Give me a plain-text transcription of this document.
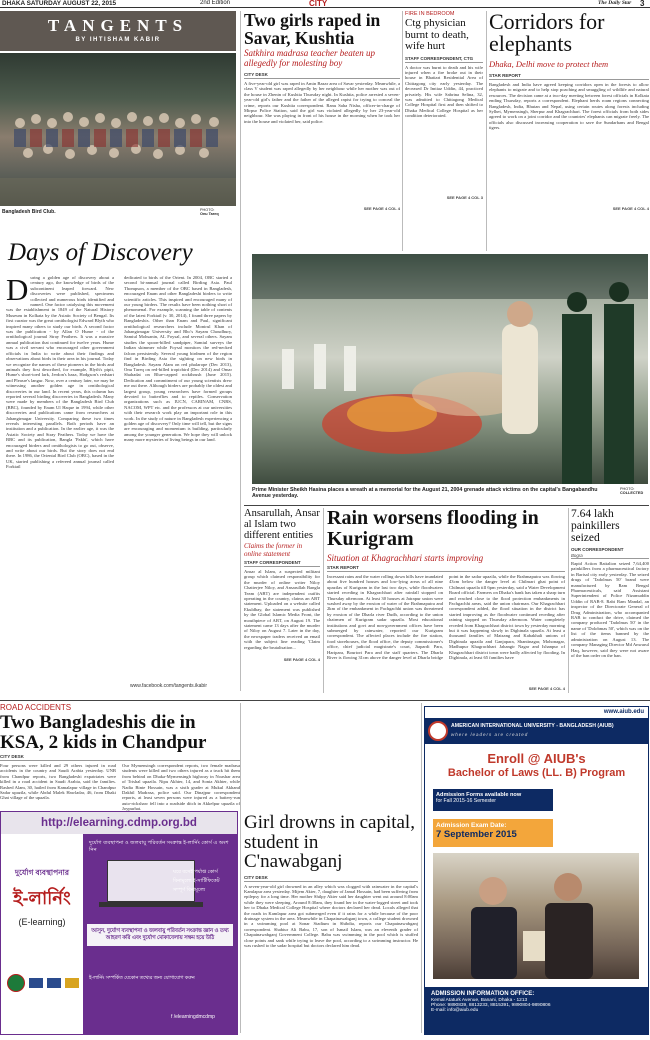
DHAKA SATURDAY AUGUST 22, 2015	2nd Edition	CITY	The Daily Star 3
TANGENTS
BY IHTISHAM KABIR
Bangladesh Bird Club.	PHOTO:
Onu Tareq
Days of Discovery
D uring a golden age of discovery about a century ago, the knowledge of birds of the subcontinent leaped forward. New discoveries were published, specimens collected and numerous birds identified and named. One factor catalysing this movement was the establishment in 1849 of the Natural History Museum in Kolkata by the Asiatic Society of Bengal. Its first curator was the great ornithologist Edward Blyth who inspired many others to study our birds. A second factor was the publication - by Allan O Hume - of the ornithological journal Stray Feathers. It was a massive annual publication that continued for twelve years. Hume was a civil servant who encouraged other government officials in India to write about their findings and observations about birds in their area in his journal. Today we recognize the names of these pioneers in the birds and animals they first described, for example, Blyth's pipit, Hume's short-toed lark, Jerdon's baza, Hodgson's redstart and Pleasre's langur. Now, over a century later, we may be witnessing another golden age in ornithological discoveries in our land. In recent years, this column has reported several birding discoveries in Bangladesh. Many were made by members of the Bangladesh Bird Club (BBC), founded by Enam Ul Haque in 1994, while other discoveries and publications came from researchers at Jahangirnagar University. Comparing these two times reveals interesting parallels. Both periods have an institution and a publication. In the earlier age, it was the Asiatic Society and Stray Feathers. Today we have the BBC and its publication, Bangla 'Pakhi', which have encouraged birders and ornithologists to go out, observe, and write about our birds. But the story does not end there. In 1986, the Oriental Bird Club (OBC), based in the UK, started publishing a refereed annual journal called Forktail
dedicated to birds of the Orient. In 2004, OBC started a second bi-annual journal called Birding Asia. Paul Thompson, a member of the OBC based in Bangladesh, encouraged Enam and other Bangladeshi birders to write scientific articles. This inspired and encouraged many of our young birders. The results have been nothing short of phenomenal. For example, scanning the table of contents of the latest Forktail (v. 30, 2014), I found three papers by Bangladeshis. Other than Enam and Paul, significant ornithological researchers include Monirul Khan of Jahangirnagar University and Bhc's Sayam Choudhury, Samiul Mohsanin, AL Foysal, and several others. Sayam studies the spoon-billed sandpiper, Samiul surveys the Indian skimmer while Foysal monitors the red-necked falcon persistently. Several young birdmen of the region find in Birding Asia the sighting on new birds in Bangladesh. Sayam Alam on red phalarope (Dec 2013), Onu Tareq on red-billed tropicbird (Dec 2014) and Omar Shahadat on Blue-capped rockthrush (June 2015). Dedication and commitment of our young scientists drew me out there. Although birders are probably the oldest and largest group, young researchers have formed groups devoted to butterflies and to reptiles. Conservation organizations such as IUCN, CARINAM, CNRS, NACOM, WPT etc. and the professors at our universities with their research work play an important role in this work. In the study of nature in Bangladesh experiencing a golden age of discovery? Only time will tell, but the signs are encouraging and momentum is building, particularly among the younger generation. We hope they will unlock many more mysteries of living beings in our land.
www.facebook.com/tangents.ikabir
Two girls raped in Savar, Kushtia
Satkhira madrasa teacher beaten up allegedly for molesting boy
CITY DESK
A five-year-old girl was raped in Amin Bazar area of Savar yesterday. Meanwhile, a class V student was raped allegedly by her neighbour while her mother was out of the house in Zhenin of Kushtia Thursday night. In Kushtia, police arrested a seven-year-old girl's father and the father of the alleged rapist for trying to conceal the crime, reports our Kushtia correspondent. Ranu Saha Nisha, officer-in-charge of Mirpur Police Station, said the girl was violated allegedly by her 23-year-old neighbour. She was playing in front of his house in the morning when he took her into the house and violated her, said police.
SEE PAGE 4 COL 4
FIRE IN BEDROOM
Ctg physician burnt to death, wife hurt
STAFF CORRESPONDENT, CTG
A doctor was burnt to death and his wife injured when a fire broke out in their house in Bhatiari Residential Area of Chittagong city early yesterday. The deceased Dr Imtiaz Uddin, 44, practiced privately. His wife Sabrina Selina, 32, was admitted to Chittagong Medical College Hospital first and then shifted to Dhaka Medical College Hospital as her condition deteriorated.
SEE PAGE 4 COL 3
Corridors for elephants
Dhaka, Delhi move to protect them
STAR REPORT
Bangladesh and India have agreed keeping corridors open in the forests to allow elephants to migrate and to help stop poaching and smuggling of wildlife and natural resources. The decision came at a two-day meeting between forest officials in Kolkata ending Thursday, reports a correspondent. Elephant herds roam regions connecting Bangladesh, India, Bhutan and Nepal, using certain routes along forests including Sylhet, Mymensingh, Sherpur and Khagrachhari. The forest officials from both sides agreed to work on a joint corridor and the countries' elephants can migrate freely. The officials also discussed increasing cooperation to save the Sundarbans and Bengal tigers.
SEE PAGE 4 COL 4
Prime Minister Sheikh Hasina places a wreath at a memorial for the August 21, 2004 grenade attack victims on the capital's Bangabandhu Avenue yesterday.
PHOTO:
COLLECTED
Ansarullah, Ansar al Islam two different entities
Claims the former in online statement
STAFF CORRESPONDENT
Ansar al Islam, a suspected militant group which claimed responsibility for the murder of online writer Niloy Chatterjee Niloy, and Ansarullah Bangla Team (ABT) are independent outfits operating in the country, claims an ABT statement. Uploaded on a website called Ekuldbay, the statement was published by the Global Islamic Media Front, the mouthpiece of ABT, on August 19. The statement came 13 days after the murder of Niloy on August 7. Later in the day, the newspaper traders received an email with the subject line reading 'Claim regarding the brutalisation...
SEE PAGE 4 COL 4
Rain worsens flooding in Kurigram
Situation at Khagrachhari starts improving
STAR REPORT
Incessant rains and the water rolling down hills have inundated about five hundred houses and low-lying areas of all nine upazilas of Kurigram in the last two days, while floodwaters started receding in Khagrachhari after rainfall stopped on Thursday afternoon. At least 30 houses at Jatrapur union were washed away by the erosion of water of the Brahmaputra and 2km of the embankment in Pachgachhi union was threatened by erosion of the Dharla river Dudh, according to the union chairmen of Kurigram sadar upazila. Most educational institutions and govt and non-government offices have been submerged by rainwater, reported our Kurigram correspondent. The affected places include the fire station, food storehouses, the flood office, the deputy commissioner's office, chief judicial magistrate's court, Jiapardi Para, Haripara, Bourtori Para and the staff quarters. The Dharla River is flowing 31cm above the danger level at Dharla bridge point in the sadar upazila, while the Brahmaputra was flowing 43cm below the danger level at Chilmari ghat point of Chilmari upazila till 6pm yesterday, said a Water Development Board official. Farmers on Dhaka's bank has taken a sharp turn and reached close to the flood protection embankments in Pachgachhi areas, said the union chairman. Our Khagrachhari correspondent added, the flood situation in the district has started improving as the floodwater continued receding after raining stopped on Thursday afternoon. Water completely receded from Khagrachhari district town by yesterday morning but it was happening slowly in Dighinala upazila. At least a thousand families of Maizang and Kabakhali unions of Dighinala upazila and Ganjapara, Shantinagar, Mohonagar, Madhupur Khagrachhari Jahangir Nagar and Ishanpur of Khagrachhari district town were badly affected by flooding. In Dighinala, at least 65 families have
SEE PAGE 4 COL 4
7.64 lakh painkillers seized
OUR CORRESPONDENT
Bogra
Rapid Action Battalion seized 7,64,400 painkillers from a pharmaceutical factory in Barisal city early yesterday. The seized drugs of 'Tadolmas 50' brand were manufactured by Ram Bengal Pharmaceuticals, said Assistant Superintendent of Police Nizamuddin Uddin of RAB-8. Rabi Ram Mandal, an inspector of the Directorate General of Drug Administration, who accompanied RAB to conduct the drive, claimed the company produced 'Tadolmas 50' in the name of 'Dolobmas 50', which was on the list of the items banned by the administration on August 13. The company Managing Director Md Anwarul Haq, however, said they were not aware of the ban order on the ban.
ROAD ACCIDENTS
Two Bangladeshis die in KSA, 2 kids in Chandpur
CITY DESK
Four persons were killed and 29 others injured in road accidents in the country and Saudi Arabia yesterday. UNB from Chandpur reports, two Bangladeshi expatriates were killed in a road accident in Saudi Arabia, said the families. Rashed Alam, 30, hailed from Kamalapur village in Chandpur Sadar upazila, while Abdul Malek Hawladar, 46, from Dhaki Ghat village of the upazila.
Our Mymensingh correspondent reports, two female madrasa students were killed and two others injured as a truck hit them from behind on Dhaka-Mymensingh highway in Noashar area of Trishal upazila. Nipu Akhter, 14, and Sonia Akhter, while Nadia Binte Hossain, was a sixth grader at Mukul Akhand Dakhil Madrasa, police said. Our Dinajpur correspondent reports, at least seven persons were injured as a battery-run auto-rickshaw fell into a roadside ditch in Akkelpur upazila of Joypurhat.
http://elearning.cdmp.org.bd
দুর্যোগ ব্যবস্থাপনার
ই-লার্নিং
(E-learning)
দুর্যোগ ব্যবস্থাপনা ও জলবায়ু পরিবর্তন সংক্রান্ত ই-লার্নিং কোর্স এ অংশ নিন
ঘরে বসেই পর্যাপ্ত কোর্স
বিনামূল্যে ই-সার্টিফিকেট
সম্পূর্ণ বিনামূল্যে
আসুন, দুর্যোগ ব্যবস্থাপনা ও জলবায়ু পরিবর্তন সংক্রান্ত জ্ঞান ও তথ্য আহরণ করি এবং দুর্যোগ মোকাবেলায় সক্ষম হয়ে উঠি
ই-লার্নিং সম্পর্কিত যেকোন তথ্যের জন্য যোগাযোগ করুন
f /elearningdmcdmp
Girl drowns in capital, student in C'nawabganj
CITY DESK
A seven-year-old girl drowned in an alley which was clogged with rainwater in the capital's Kamlapur area yesterday. Mijem Akter, 7, daughter of Jamal Hossain, had been suffering from epilepsy for a long time. Her mother Shilpy Akter said her daughter went out around 8:00am while they were sleeping. Around 8:30am, they found her in the water-logged street and took her to Dhaka Medical College Hospital where doctors declared her dead. Locals alleged that the roads in Kamlapur area got submerged even if it rains for a while because of the poor drainage system in the area. Meanwhile in Chapainawabganj town, a college student drowned in a swimming pool at Sonar Stadium in Shibdia, reports our Chapainawabganj correspondent. Shabiur Ali Babu, 17, son of Ismail Islam, was an eleventh grader of Chapainawabganj Government College. Babu was swimming in the pool which is stuffed close points and sank while trying to leave the pool, according to a swimming instructor. He was rushed to the sadar hospital but doctors declared him dead.
www.aiub.edu
AMERICAN INTERNATIONAL UNIVERSITY - BANGLADESH (AIUB)
where leaders are created
Enroll @ AIUB's
Bachelor of Laws (LL. B) Program
Admission Forms available now
for Fall 2015-16 Semester
Admission Exam Date:
7 September 2015
ADMISSION INFORMATION OFFICE:
Kemal Ataturk Avenue, Banani, Dhaka - 1213
Phone: 9890839, 8813233, 8815391, 9890804-9890806
E-mail: info@aiub.edu
